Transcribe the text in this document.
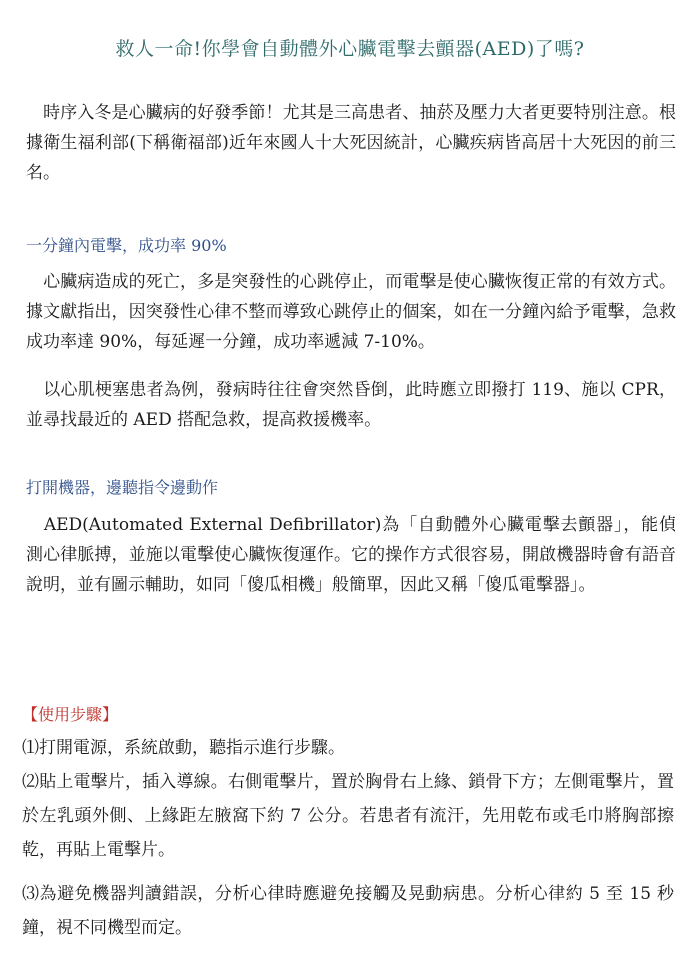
救人一命!你學會自動體外心臟電擊去顫器(AED)了嗎?

　時序入冬是心臟病的好發季節！尤其是三高患者、抽菸及壓力大者更要特別注意。根據衛生福利部(下稱衛福部)近年來國人十大死因統計，心臟疾病皆高居十大死因的前三名。

一分鐘內電擊，成功率 90%

　心臟病造成的死亡，多是突發性的心跳停止，而電擊是使心臟恢復正常的有效方式。據文獻指出，因突發性心律不整而導致心跳停止的個案，如在一分鐘內給予電擊，急救成功率達 90%，每延遲一分鐘，成功率遞減 7-10%。

　以心肌梗塞患者為例，發病時往往會突然昏倒，此時應立即撥打 119、施以 CPR，並尋找最近的 AED 搭配急救，提高救援機率。

打開機器，邊聽指令邊動作

　AED(Automated External Defibrillator)為「自動體外心臟電擊去顫器」，能偵測心律脈搏，並施以電擊使心臟恢復運作。它的操作方式很容易，開啟機器時會有語音說明，並有圖示輔助，如同「傻瓜相機」般簡單，因此又稱「傻瓜電擊器」。

【使用步驟】

⑴打開電源，系統啟動，聽指示進行步驟。

⑵貼上電擊片，插入導線。右側電擊片，置於胸骨右上緣、鎖骨下方；左側電擊片，置於左乳頭外側、上緣距左腋窩下約 7 公分。若患者有流汗，先用乾布或毛巾將胸部擦乾，再貼上電擊片。

⑶為避免機器判讀錯誤，分析心律時應避免接觸及晃動病患。分析心律約 5 至 15 秒鐘，視不同機型而定。
